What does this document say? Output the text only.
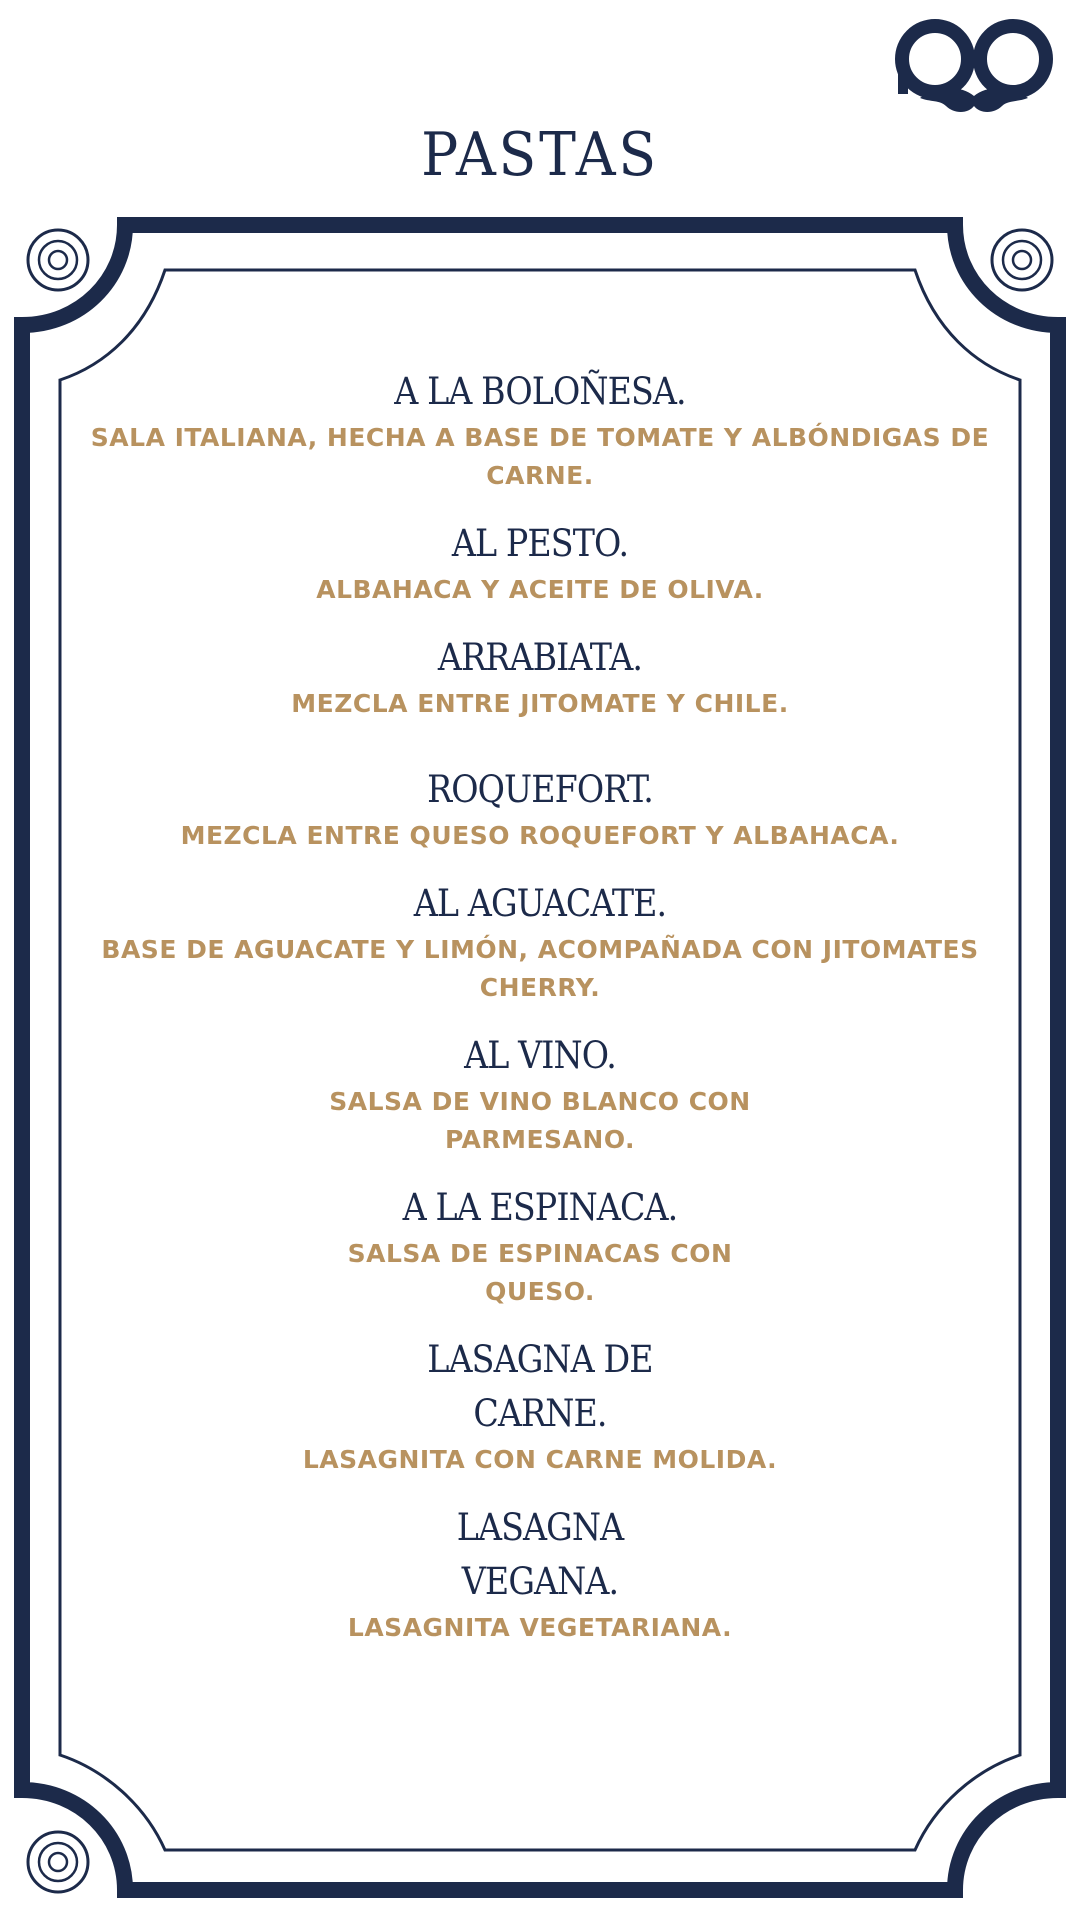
PASTAS
A LA BOLOÑESA.
SALA ITALIANA, HECHA A BASE DE TOMATE Y ALBÓNDIGAS DE CARNE.
AL PESTO.
ALBAHACA Y ACEITE DE OLIVA.
ARRABIATA.
MEZCLA ENTRE JITOMATE Y CHILE.
ROQUEFORT.
MEZCLA ENTRE QUESO ROQUEFORT Y ALBAHACA.
AL AGUACATE.
BASE DE AGUACATE Y LIMÓN, ACOMPAÑADA CON JITOMATES CHERRY.
AL VINO.
SALSA DE VINO BLANCO CON PARMESANO.
A LA ESPINACA.
SALSA DE ESPINACAS CON QUESO.
LASAGNA DE CARNE.
LASAGNITA CON CARNE MOLIDA.
LASAGNA VEGANA.
LASAGNITA VEGETARIANA.
